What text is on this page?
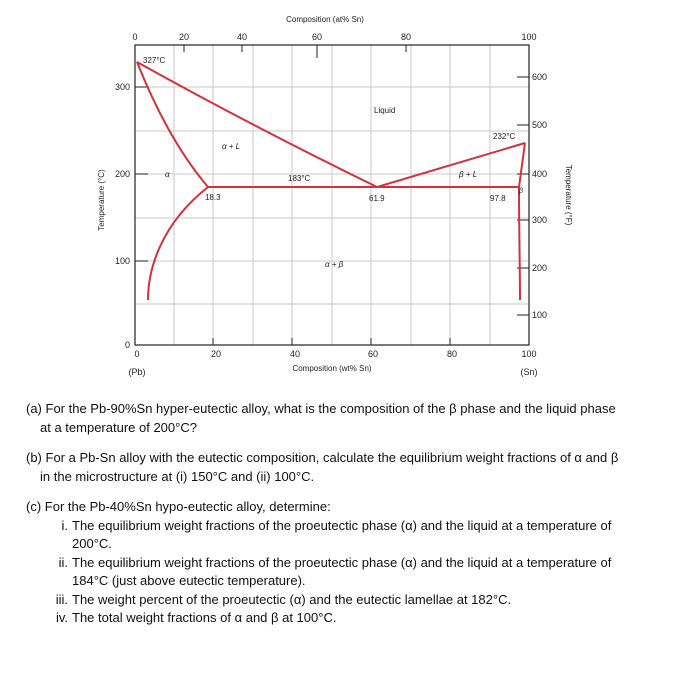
0	20	40	60	80	100
(Pb)	(Sn)
Composition (wt% Sn)
0	20	40	60	80	100
Composition (at% Sn)
0
100
200
300
Temperature (°C)
100
200
300
400
500
600
Temperature (°F)
327°C
232°C
183°C
18.3	61.9	97.8
Liquid
α + L
β + L
α + β
α
β

(a) For the Pb-90%Sn hyper-eutectic alloy, what is the composition of the β phase and the liquid phase
at a temperature of 200°C?

(b) For a Pb-Sn alloy with the eutectic composition, calculate the equilibrium weight fractions of α and β
in the microstructure at (i) 150°C and (ii) 100°C.

(c) For the Pb-40%Sn hypo-eutectic alloy, determine:

i. The equilibrium weight fractions of the proeutectic phase (α) and the liquid at a temperature of
200°C.
ii. The equilibrium weight fractions of the proeutectic phase (α) and the liquid at a temperature of
184°C (just above eutectic temperature).
iii. The weight percent of the proeutectic (α) and the eutectic lamellae at 182°C.
iv. The total weight fractions of α and β at 100°C.
